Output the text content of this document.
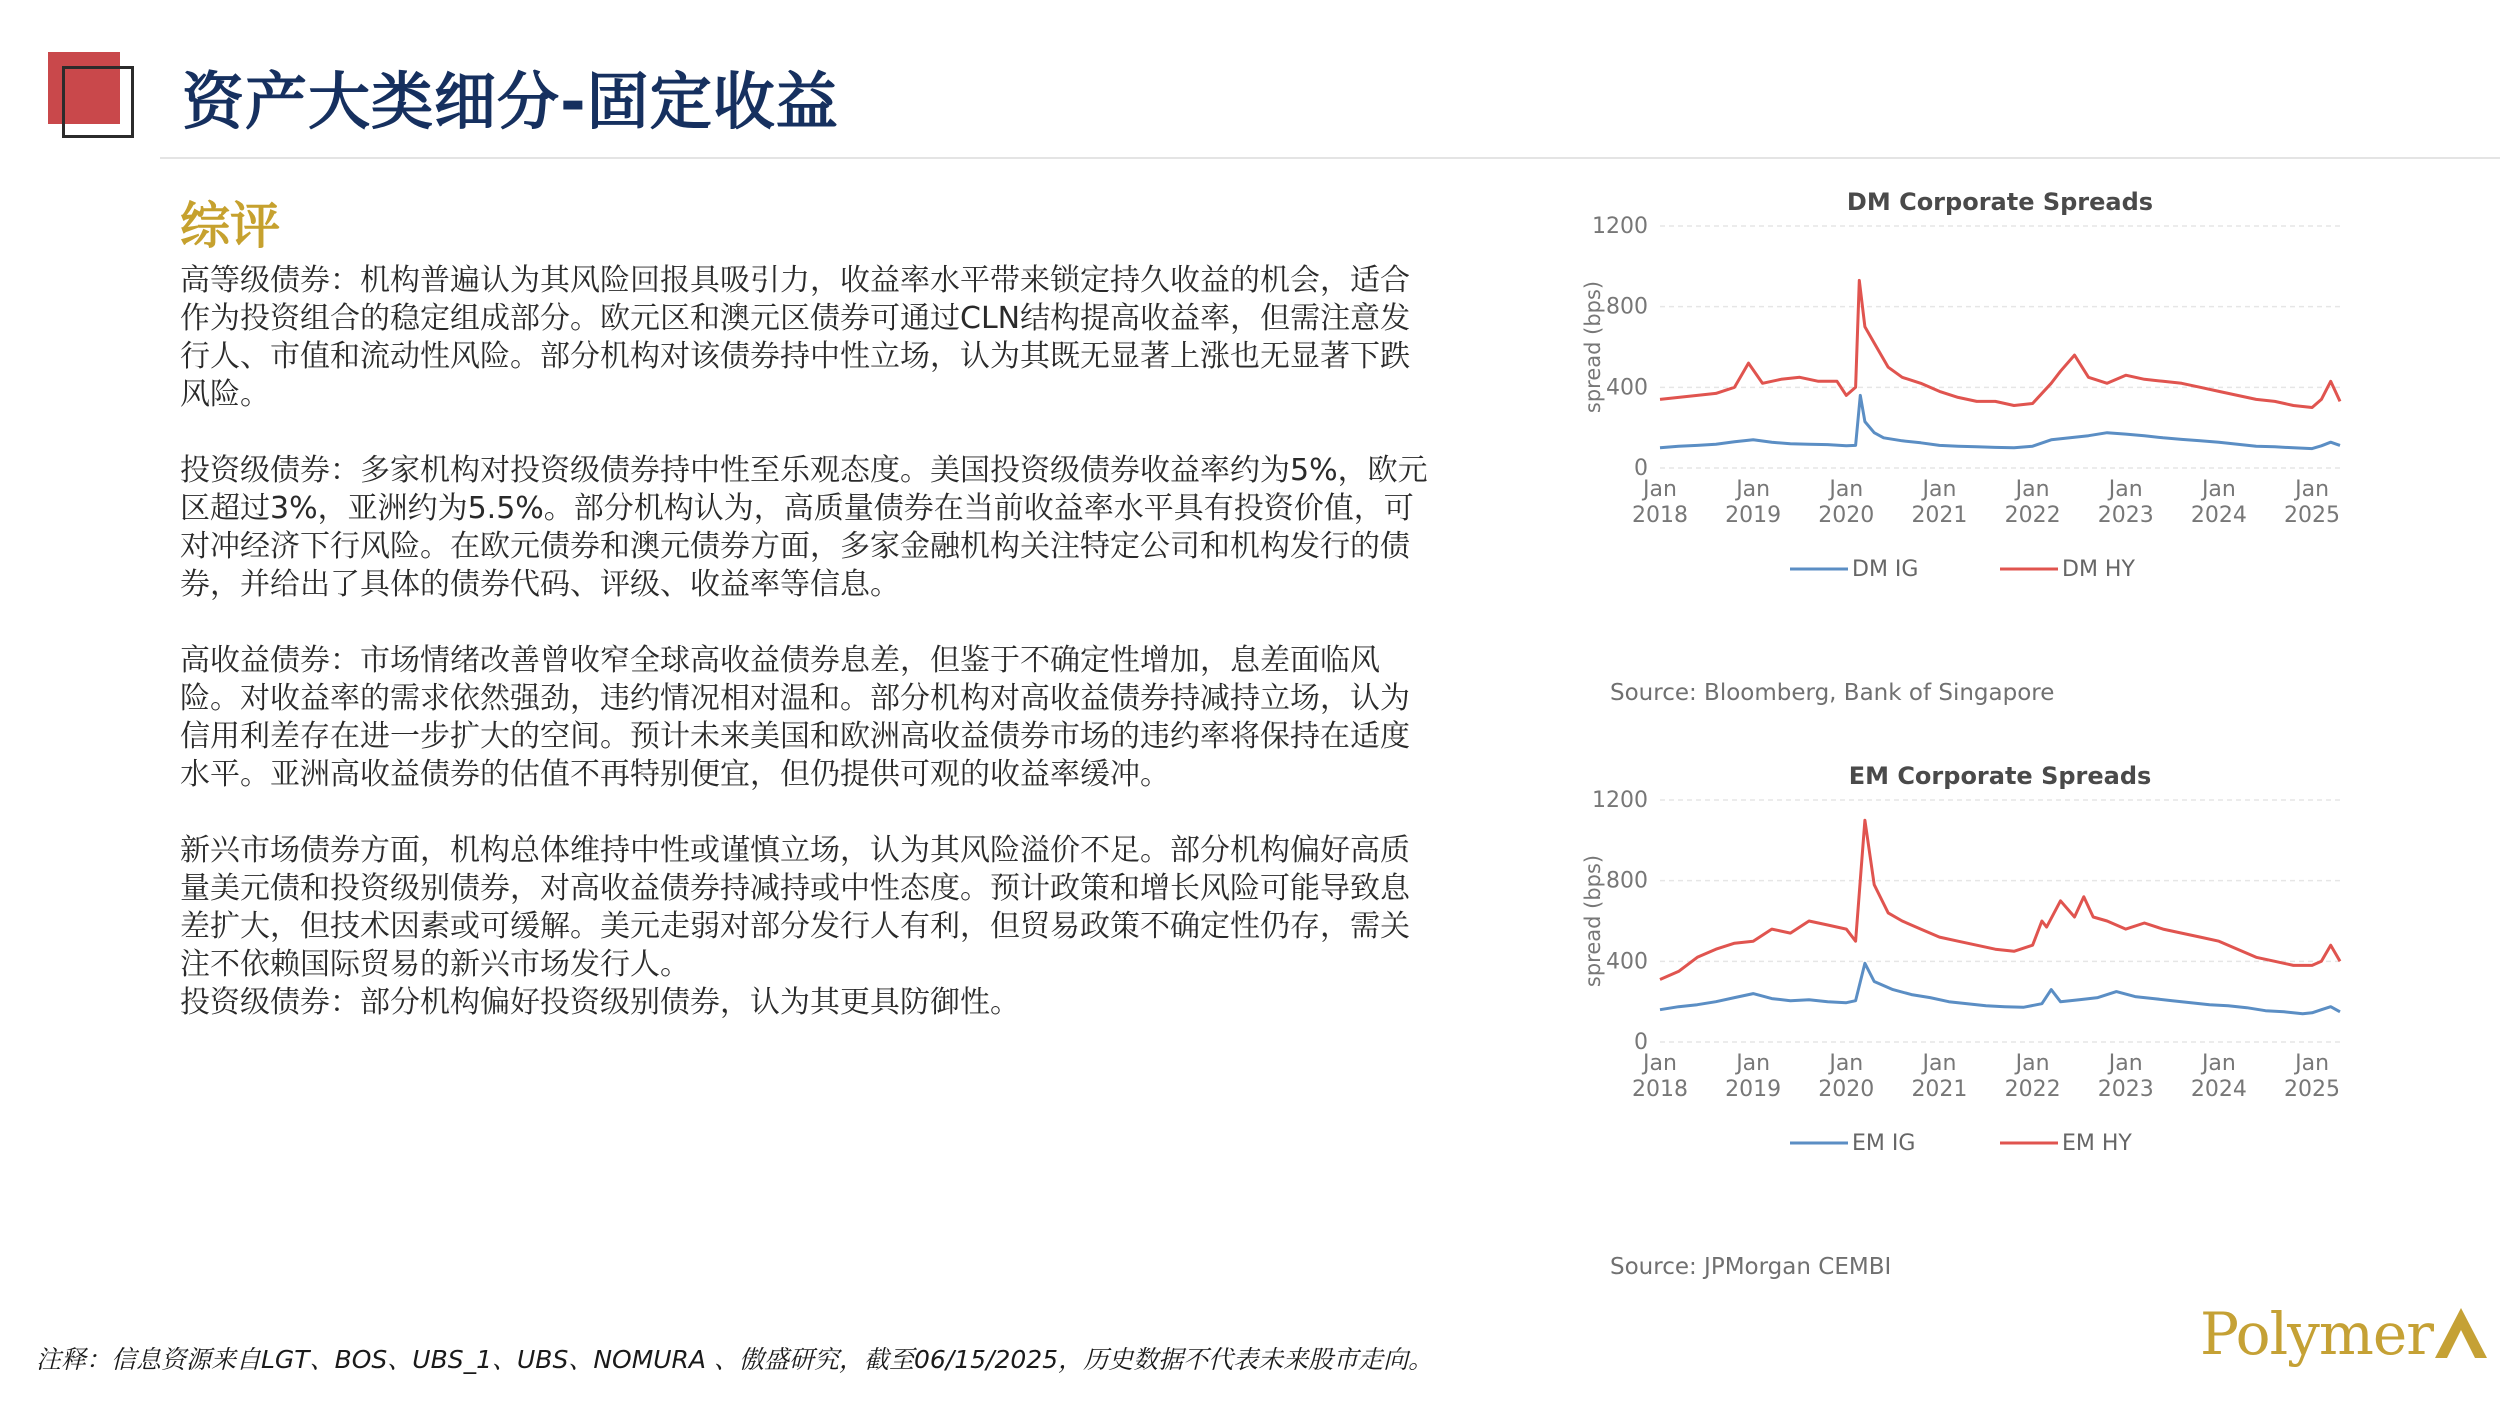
资产大类细分-固定收益
综评

高等级债券：机构普遍认为其风险回报具吸引力，收益率水平带来锁定持久收益的机会，适合作为投资组合的稳定组成部分。欧元区和澳元区债券可通过CLN结构提高收益率，但需注意发行人、市值和流动性风险。部分机构对该债券持中性立场，认为其既无显著上涨也无显著下跌风险。

投资级债券：多家机构对投资级债券持中性至乐观态度。美国投资级债券收益率约为5%，欧元区超过3%，亚洲约为5.5%。部分机构认为，高质量债券在当前收益率水平具有投资价值，可对冲经济下行风险。在欧元债券和澳元债券方面，多家金融机构关注特定公司和机构发行的债券，并给出了具体的债券代码、评级、收益率等信息。

高收益债券：市场情绪改善曾收窄全球高收益债券息差，但鉴于不确定性增加，息差面临风险。对收益率的需求依然强劲，违约情况相对温和。部分机构对高收益债券持减持立场，认为信用利差存在进一步扩大的空间。预计未来美国和欧洲高收益债券市场的违约率将保持在适度水平。亚洲高收益债券的估值不再特别便宜，但仍提供可观的收益率缓冲。

新兴市场债券方面，机构总体维持中性或谨慎立场，认为其风险溢价不足。部分机构偏好高质量美元债和投资级别债券，对高收益债券持减持或中性态度。预计政策和增长风险可能导致息差扩大，但技术因素或可缓解。美元走弱对部分发行人有利，但贸易政策不确定性仍存，需关注不依赖国际贸易的新兴市场发行人。

投资级债券：部分机构偏好投资级别债券，认为其更具防御性。

DM Corporate Spreads
spread (bps)
0
400
800
1200
Jan
2018
Jan
2019
Jan
2020
Jan
2021
Jan
2022
Jan
2023
Jan
2024
Jan
2025
DM IG	DM HY
Source: Bloomberg, Bank of Singapore
EM Corporate Spreads
spread (bps)
0
400
800
1200
Jan
2018
Jan
2019
Jan
2020
Jan
2021
Jan
2022
Jan
2023
Jan
2024
Jan
2025
EM IG	EM HY
Source: JPMorgan CEMBI
注释：信息资源来自LGT、BOS、UBS_1、UBS、NOMURA 、傲盛研究，截至06/15/2025，历史数据不代表未来股市走向。	Polymer
